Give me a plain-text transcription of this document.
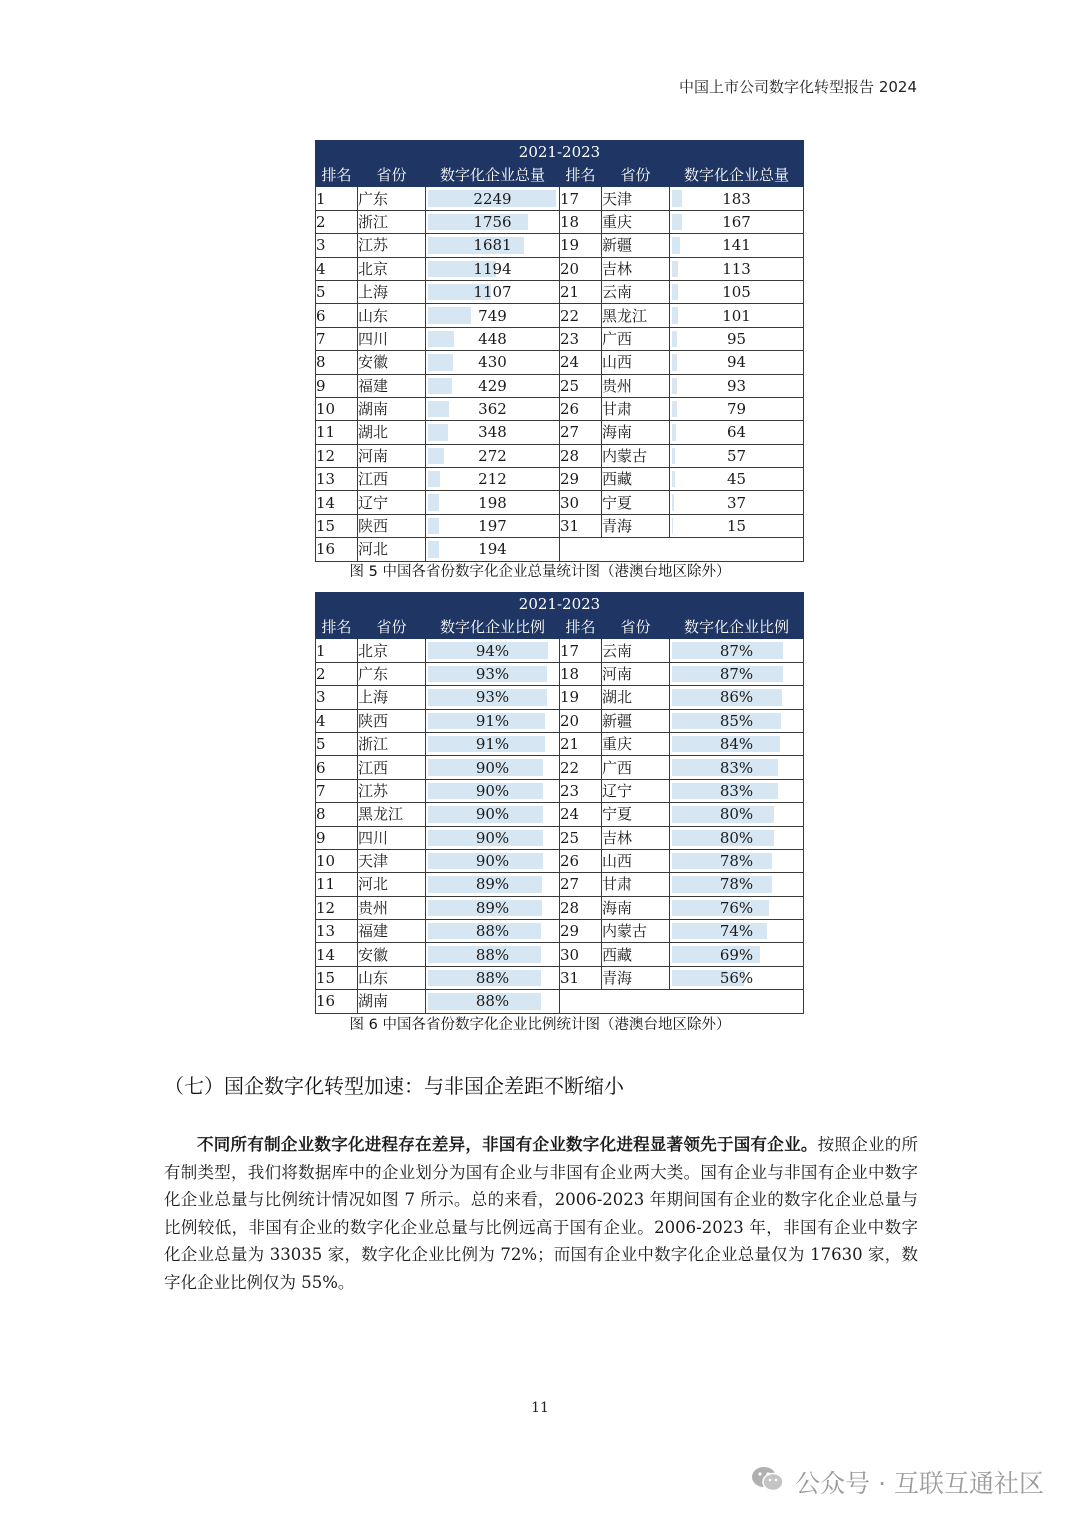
中国上市公司数字化转型报告 2024
2021-2023					
排名	省份	数字化企业总量	排名	省份	数字化企业总量
1	广东	2249	17	天津	183
2	浙江	1756	18	重庆	167
3	江苏	1681	19	新疆	141
4	北京	1194	20	吉林	113
5	上海	1107	21	云南	105
6	山东	749	22	黑龙江	101
7	四川	448	23	广西	95
8	安徽	430	24	山西	94
9	福建	429	25	贵州	93
10	湖南	362	26	甘肃	79
11	湖北	348	27	海南	64
12	河南	272	28	内蒙古	57
13	江西	212	29	西藏	45
14	辽宁	198	30	宁夏	37
15	陕西	197	31	青海	15
16	河北	194			
图 5 中国各省份数字化企业总量统计图（港澳台地区除外）
2021-2023					
排名	省份	数字化企业比例	排名	省份	数字化企业比例
1	北京	94%	17	云南	87%
2	广东	93%	18	河南	87%
3	上海	93%	19	湖北	86%
4	陕西	91%	20	新疆	85%
5	浙江	91%	21	重庆	84%
6	江西	90%	22	广西	83%
7	江苏	90%	23	辽宁	83%
8	黑龙江	90%	24	宁夏	80%
9	四川	90%	25	吉林	80%
10	天津	90%	26	山西	78%
11	河北	89%	27	甘肃	78%
12	贵州	89%	28	海南	76%
13	福建	88%	29	内蒙古	74%
14	安徽	88%	30	西藏	69%
15	山东	88%	31	青海	56%
16	湖南	88%			
图 6 中国各省份数字化企业比例统计图（港澳台地区除外）
（七）国企数字化转型加速：与非国企差距不断缩小
不同所有制企业数字化进程存在差异，非国有企业数字化进程显著领先于国有企业。按照企业的所有制类型，我们将数据库中的企业划分为国有企业与非国有企业两大类。国有企业与非国有企业中数字化企业总量与比例统计情况如图 7 所示。总的来看，2006-2023 年期间国有企业的数字化企业总量与比例较低，非国有企业的数字化企业总量与比例远高于国有企业。2006-2023 年，非国有企业中数字化企业总量为 33035 家，数字化企业比例为 72%；而国有企业中数字化企业总量仅为 17630 家，数字化企业比例仅为 55%。
11
公众号 · 互联互通社区
